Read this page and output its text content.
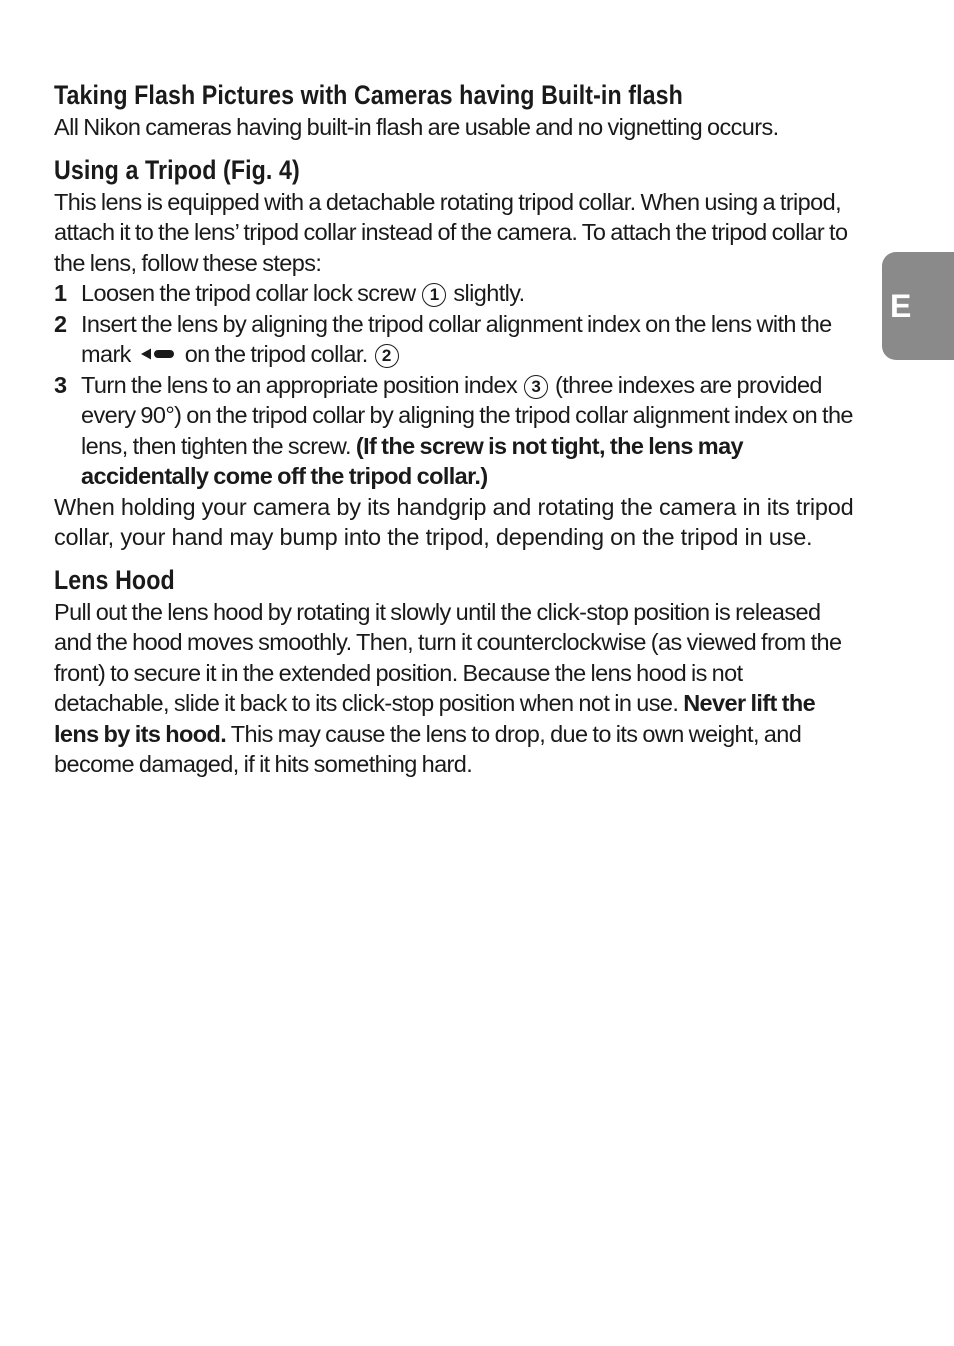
Taking Flash Pictures with Cameras having Built-in flash

All Nikon cameras having built-in flash are usable and no vignetting occurs.

Using a Tripod (Fig. 4)

This lens is equipped with a detachable rotating tripod collar. When using a tripod, attach it to the lens’ tripod collar instead of the camera. To attach the tripod collar to the lens, follow these steps:

1 Loosen the tripod collar lock screw 1 slightly.
2 Insert the lens by aligning the tripod collar alignment index on the lens with the mark on the tripod collar. 2
3 Turn the lens to an appropriate position index 3 (three indexes are provided every 90°) on the tripod collar by aligning the tripod collar alignment index on the lens, then tighten the screw. (If the screw is not tight, the lens may accidentally come off the tripod collar.)

When holding your camera by its handgrip and rotating the camera in its tripod collar, your hand may bump into the tripod, depending on the tripod in use.

Lens Hood

Pull out the lens hood by rotating it slowly until the click-stop position is released and the hood moves smoothly. Then, turn it counterclockwise (as viewed from the front) to secure it in the extended position. Because the lens hood is not detachable, slide it back to its click-stop position when not in use. Never lift the lens by its hood. This may cause the lens to drop, due to its own weight, and become damaged, if it hits something hard.

E
